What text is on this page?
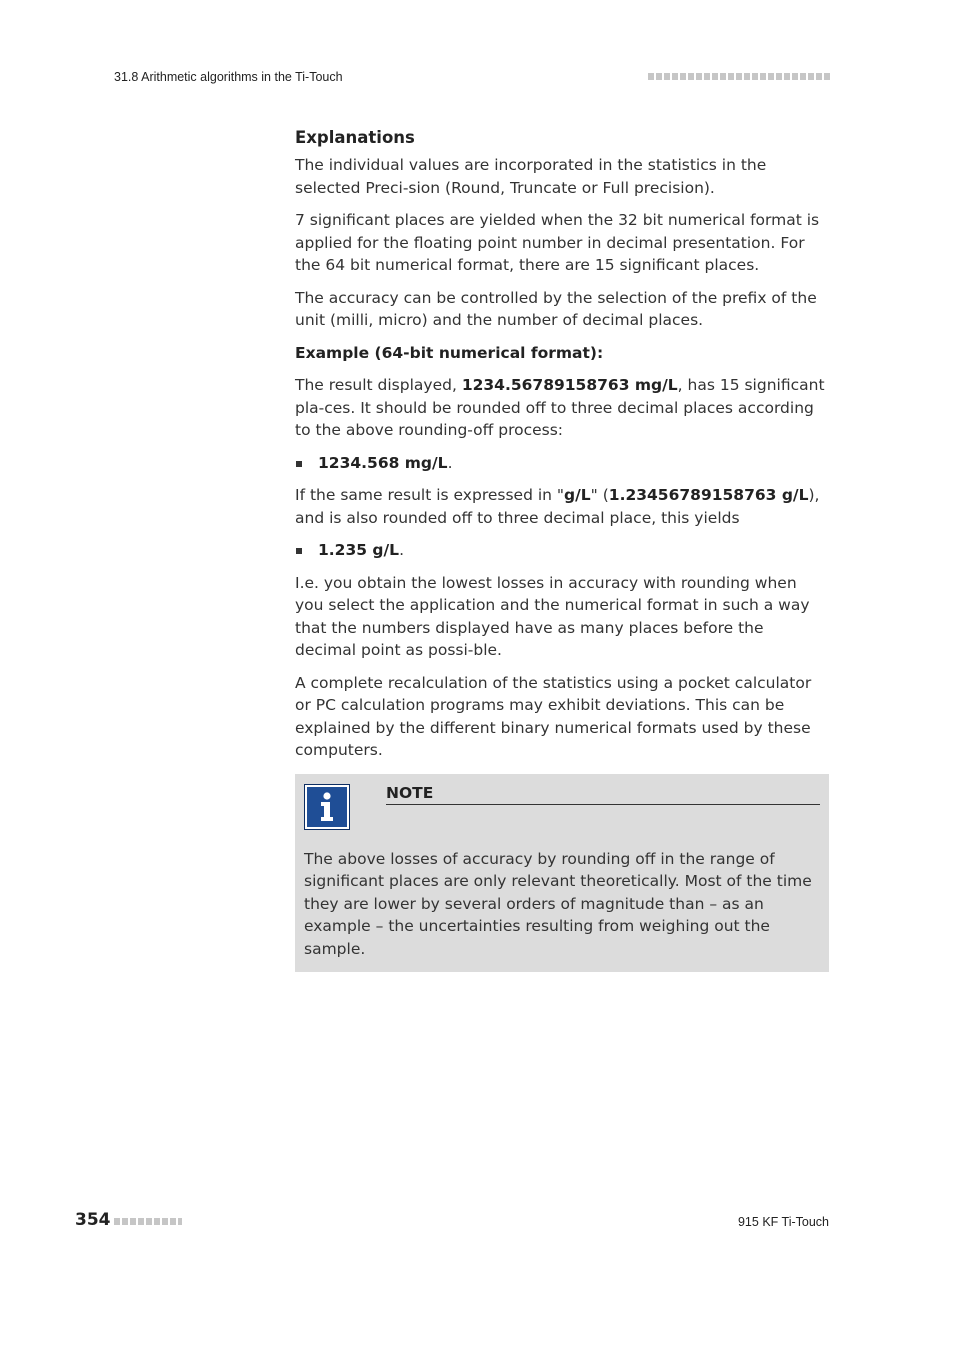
31.8 Arithmetic algorithms in the Ti-Touch
Explanations

The individual values are incorporated in the statistics in the selected Preci-sion (Round, Truncate or Full precision).

7 significant places are yielded when the 32 bit numerical format is applied for the floating point number in decimal presentation. For the 64 bit numerical format, there are 15 significant places.

The accuracy can be controlled by the selection of the prefix of the unit (milli, micro) and the number of decimal places.

Example (64-bit numerical format):

The result displayed, 1234.56789158763 mg/L, has 15 significant pla-ces. It should be rounded off to three decimal places according to the above rounding-off process:

1234.568 mg/L.

If the same result is expressed in "g/L" (1.23456789158763 g/L), and is also rounded off to three decimal place, this yields

1.235 g/L.

I.e. you obtain the lowest losses in accuracy with rounding when you select the application and the numerical format in such a way that the numbers displayed have as many places before the decimal point as possi-ble.

A complete recalculation of the statistics using a pocket calculator or PC calculation programs may exhibit deviations. This can be explained by the different binary numerical formats used by these computers.

NOTE

The above losses of accuracy by rounding off in the range of significant places are only relevant theoretically. Most of the time they are lower by several orders of magnitude than – as an example – the uncertainties resulting from weighing out the sample.

354	915 KF Ti-Touch
